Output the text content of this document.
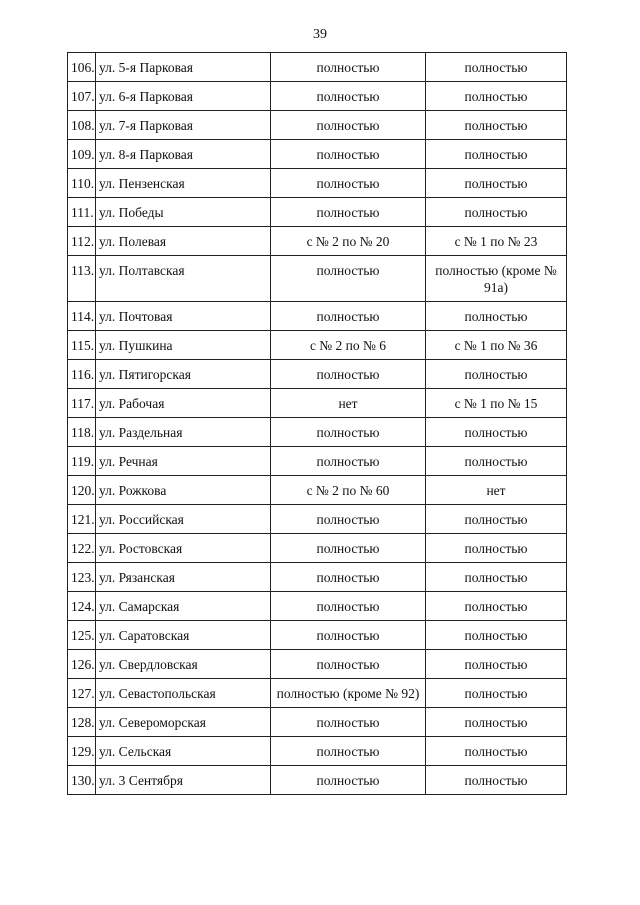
39
106.	ул. 5-я Парковая	полностью	полностью
107.	ул. 6-я Парковая	полностью	полностью
108.	ул. 7-я Парковая	полностью	полностью
109.	ул. 8-я Парковая	полностью	полностью
110.	ул. Пензенская	полностью	полностью
111.	ул. Победы	полностью	полностью
112.	ул. Полевая	с № 2 по № 20	с № 1 по № 23
113.	ул. Полтавская	полностью	полностью (кроме № 91а)
114.	ул. Почтовая	полностью	полностью
115.	ул. Пушкина	с № 2 по № 6	с № 1 по № 36
116.	ул. Пятигорская	полностью	полностью
117.	ул. Рабочая	нет	с № 1 по № 15
118.	ул. Раздельная	полностью	полностью
119.	ул. Речная	полностью	полностью
120.	ул. Рожкова	с № 2 по № 60	нет
121.	ул. Российская	полностью	полностью
122.	ул. Ростовская	полностью	полностью
123.	ул. Рязанская	полностью	полностью
124.	ул. Самарская	полностью	полностью
125.	ул. Саратовская	полностью	полностью
126.	ул. Свердловская	полностью	полностью
127.	ул. Севастопольская	полностью (кроме № 92)	полностью
128.	ул. Североморская	полностью	полностью
129.	ул. Сельская	полностью	полностью
130.	ул. 3 Сентября	полностью	полностью
